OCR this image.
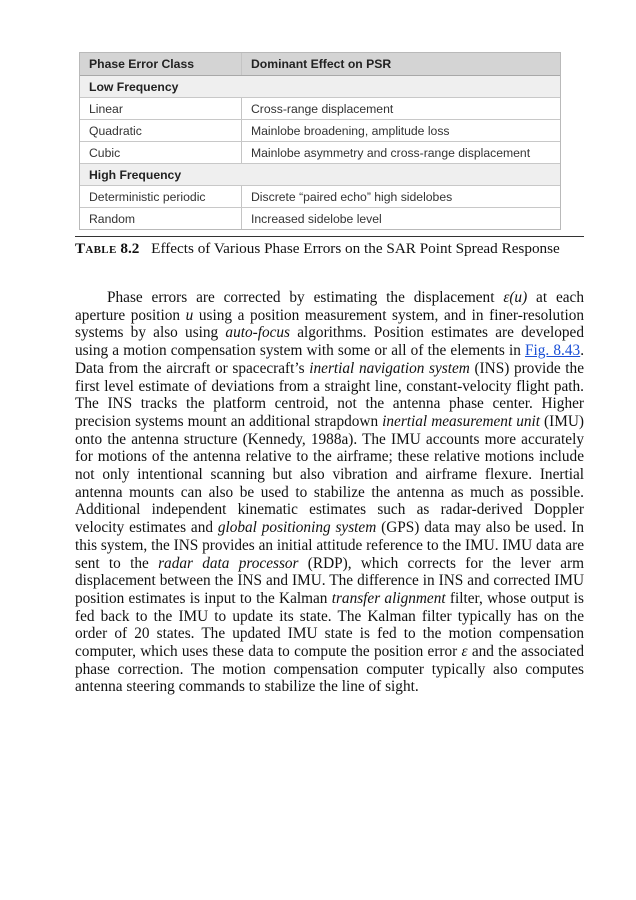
Phase Error Class	Dominant Effect on PSR
Low Frequency	
Linear	Cross-range displacement
Quadratic	Mainlobe broadening, amplitude loss
Cubic	Mainlobe asymmetry and cross-range displacement
High Frequency	
Deterministic periodic	Discrete “paired echo” high sidelobes
Random	Increased sidelobe level
Table 8.2 Effects of Various Phase Errors on the SAR Point Spread Response

Phase errors are corrected by estimating the displacement ε(u) at each aperture position u using a position measurement system, and in finer-resolution systems by also using auto-focus algorithms. Position estimates are developed using a motion compensation system with some or all of the elements in Fig. 8.43. Data from the aircraft or spacecraft’s inertial navigation system (INS) provide the first level estimate of deviations from a straight line, constant-velocity flight path. The INS tracks the platform centroid, not the antenna phase center. Higher precision systems mount an additional strapdown inertial measurement unit (IMU) onto the antenna structure (Kennedy, 1988a). The IMU accounts more accurately for motions of the antenna relative to the airframe; these relative motions include not only intentional scanning but also vibration and airframe flexure. Inertial antenna mounts can also be used to stabilize the antenna as much as possible. Additional independent kinematic estimates such as radar-derived Doppler velocity estimates and global positioning system (GPS) data may also be used. In this system, the INS provides an initial attitude reference to the IMU. IMU data are sent to the radar data processor (RDP), which corrects for the lever arm displacement between the INS and IMU. The difference in INS and corrected IMU position estimates is input to the Kalman transfer alignment filter, whose output is fed back to the IMU to update its state. The Kalman filter typically has on the order of 20 states. The updated IMU state is fed to the motion compensation computer, which uses these data to compute the position error ε and the associated phase correction. The motion compensation computer typically also computes antenna steering commands to stabilize the line of sight.
